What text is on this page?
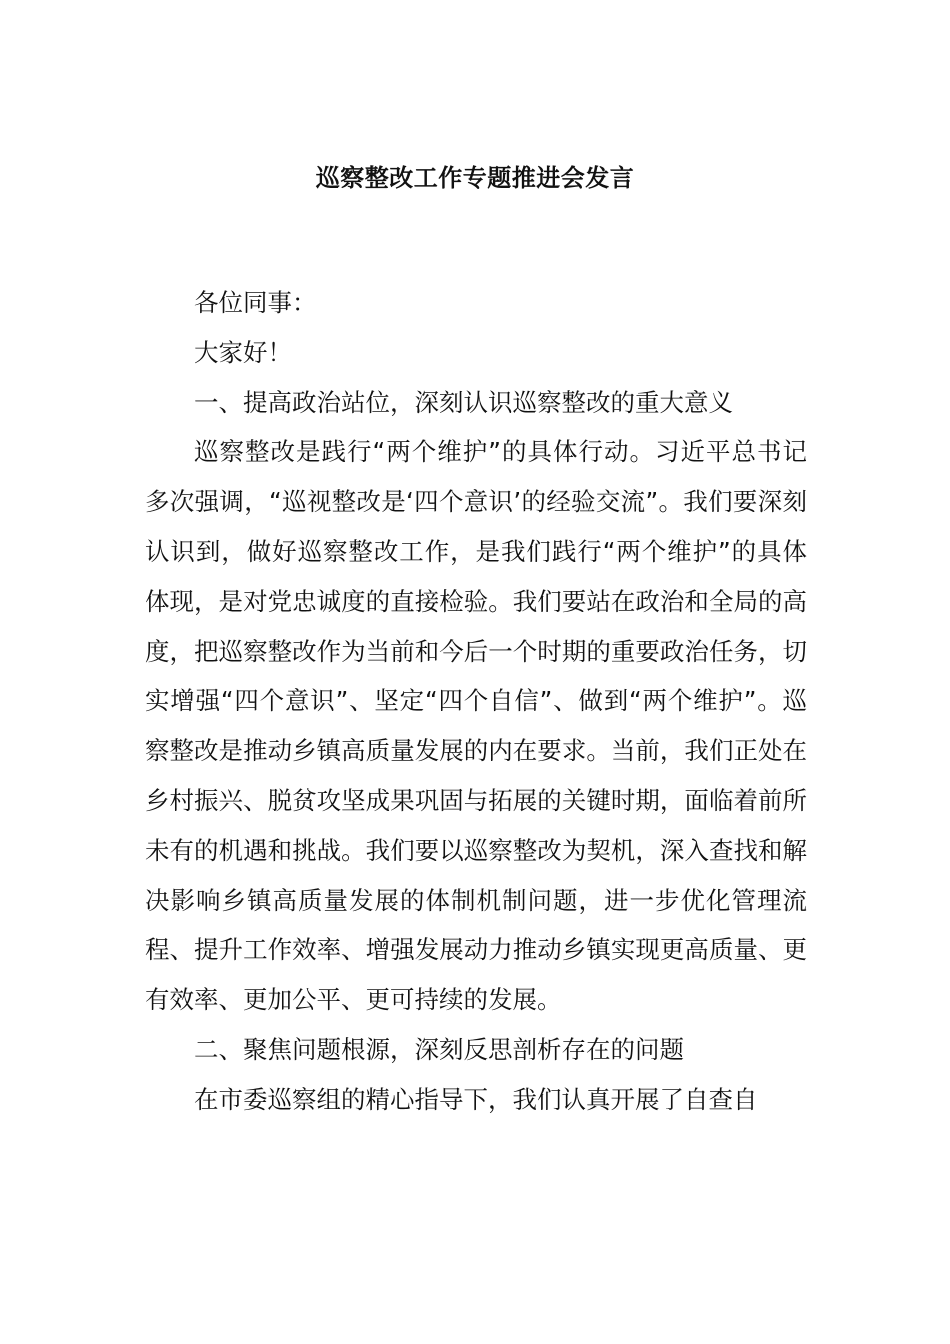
巡察整改工作专题推进会发言

各位同事：

大家好！

一、提高政治站位，深刻认识巡察整改的重大意义

巡察整改是践行“两个维护”的具体行动。习近平总书记多次强调，“巡视整改是‘四个意识’的经验交流”。我们要深刻认识到，做好巡察整改工作，是我们践行“两个维护”的具体体现，是对党忠诚度的直接检验。我们要站在政治和全局的高度，把巡察整改作为当前和今后一个时期的重要政治任务，切实增强“四个意识”、坚定“四个自信”、做到“两个维护”。巡察整改是推动乡镇高质量发展的内在要求。当前，我们正处在乡村振兴、脱贫攻坚成果巩固与拓展的关键时期，面临着前所未有的机遇和挑战。我们要以巡察整改为契机，深入查找和解决影响乡镇高质量发展的体制机制问题，进一步优化管理流程、提升工作效率、增强发展动力推动乡镇实现更高质量、更有效率、更加公平、更可持续的发展。

二、聚焦问题根源，深刻反思剖析存在的问题

在市委巡察组的精心指导下，我们认真开展了自查自
